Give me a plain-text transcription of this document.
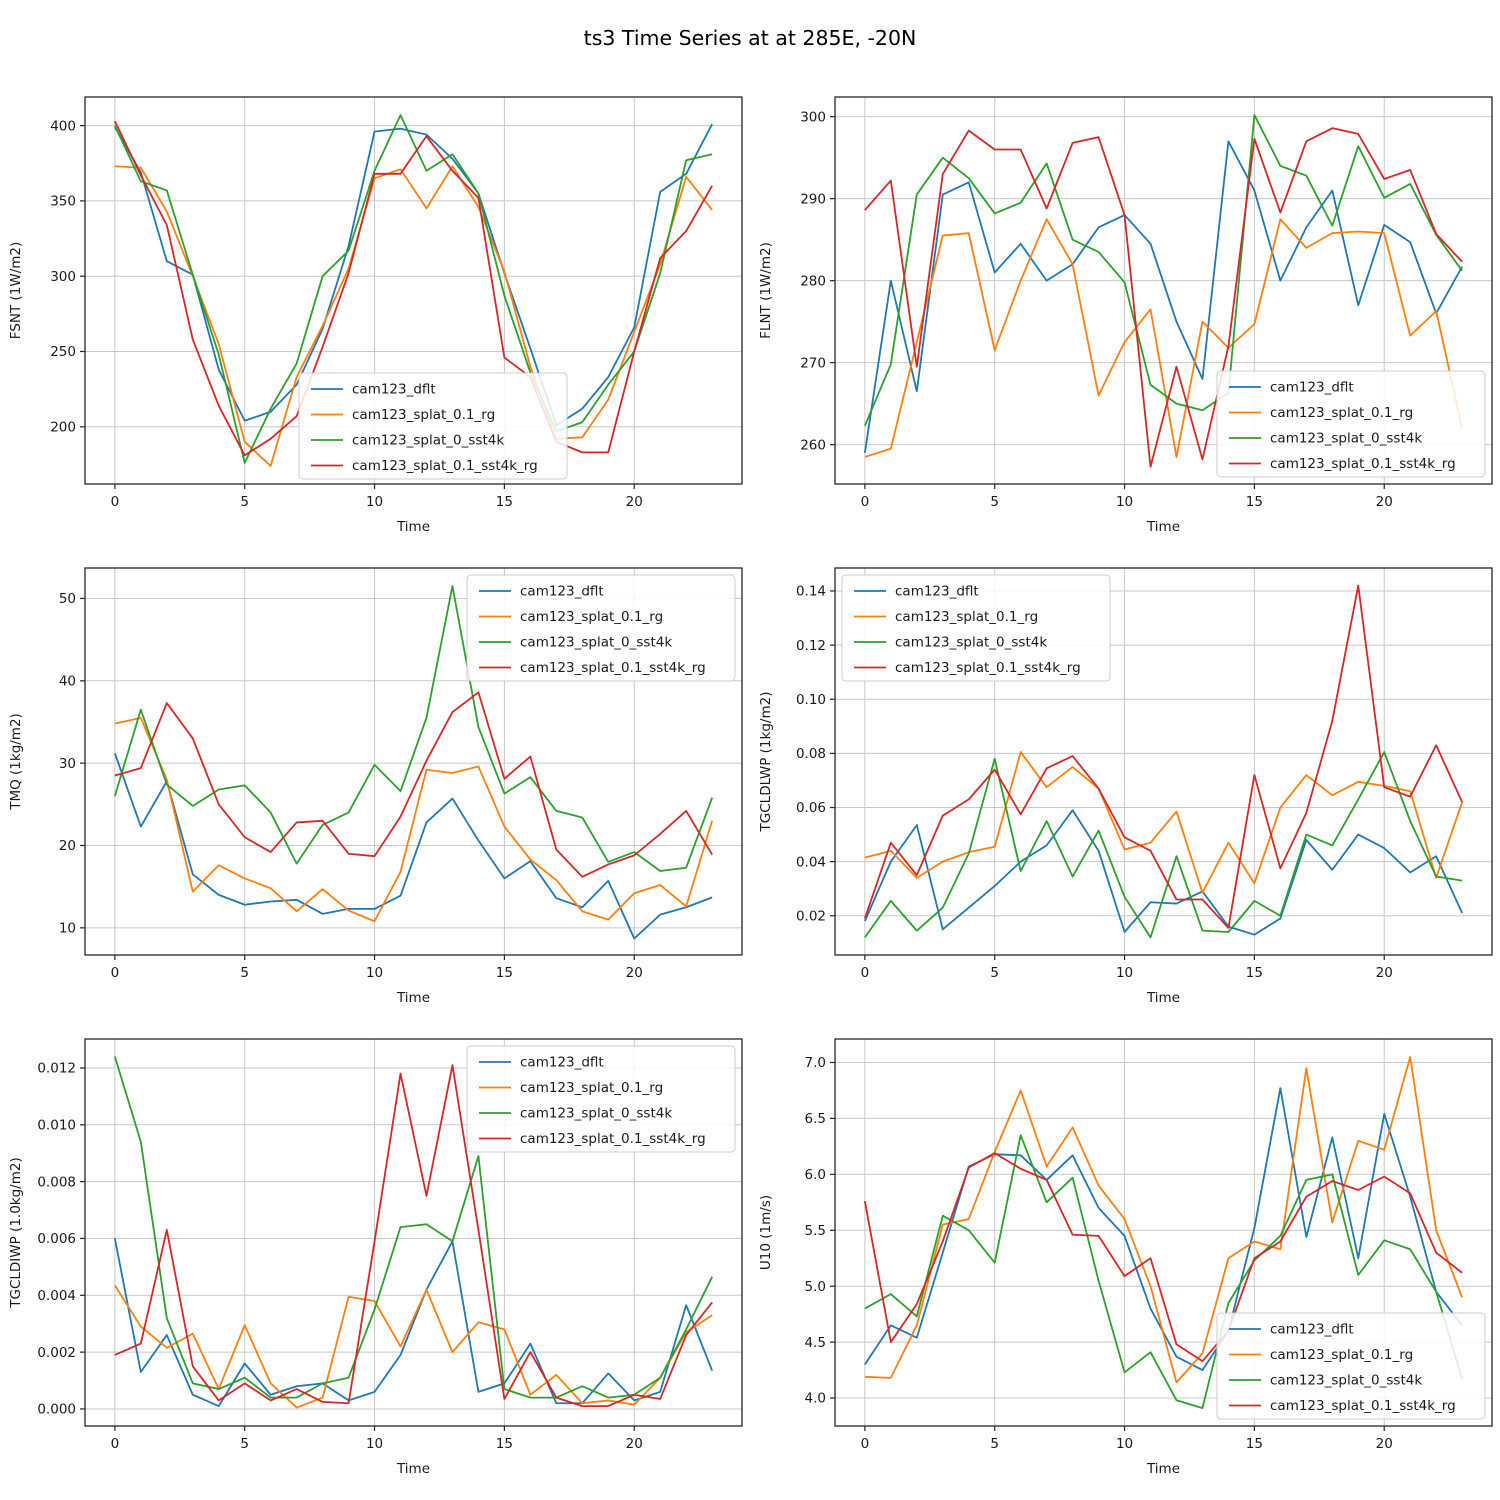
ts3 Time Series at at 285E, -20N
0	5	10	15	20
200
250
300
350
400
Time
FSNT (1W/m2)
cam123_dflt
cam123_splat_0.1_rg
cam123_splat_0_sst4k
cam123_splat_0.1_sst4k_rg
0	5	10	15	20
260
270
280
290
300
Time
FLNT (1W/m2)
cam123_dflt
cam123_splat_0.1_rg
cam123_splat_0_sst4k
cam123_splat_0.1_sst4k_rg
0	5	10	15	20
10
20
30
40
50
Time
TMQ (1kg/m2)
cam123_dflt
cam123_splat_0.1_rg
cam123_splat_0_sst4k
cam123_splat_0.1_sst4k_rg
0	5	10	15	20
0.02
0.04
0.06
0.08
0.10
0.12
0.14
Time
TGCLDLWP (1kg/m2)
cam123_dflt
cam123_splat_0.1_rg
cam123_splat_0_sst4k
cam123_splat_0.1_sst4k_rg
0	5	10	15	20
0.000
0.002
0.004
0.006
0.008
0.010
0.012
Time
TGCLDIWP (1.0kg/m2)
cam123_dflt
cam123_splat_0.1_rg
cam123_splat_0_sst4k
cam123_splat_0.1_sst4k_rg
0	5	10	15	20
4.0
4.5
5.0
5.5
6.0
6.5
7.0
Time
U10 (1m/s)
cam123_dflt
cam123_splat_0.1_rg
cam123_splat_0_sst4k
cam123_splat_0.1_sst4k_rg
